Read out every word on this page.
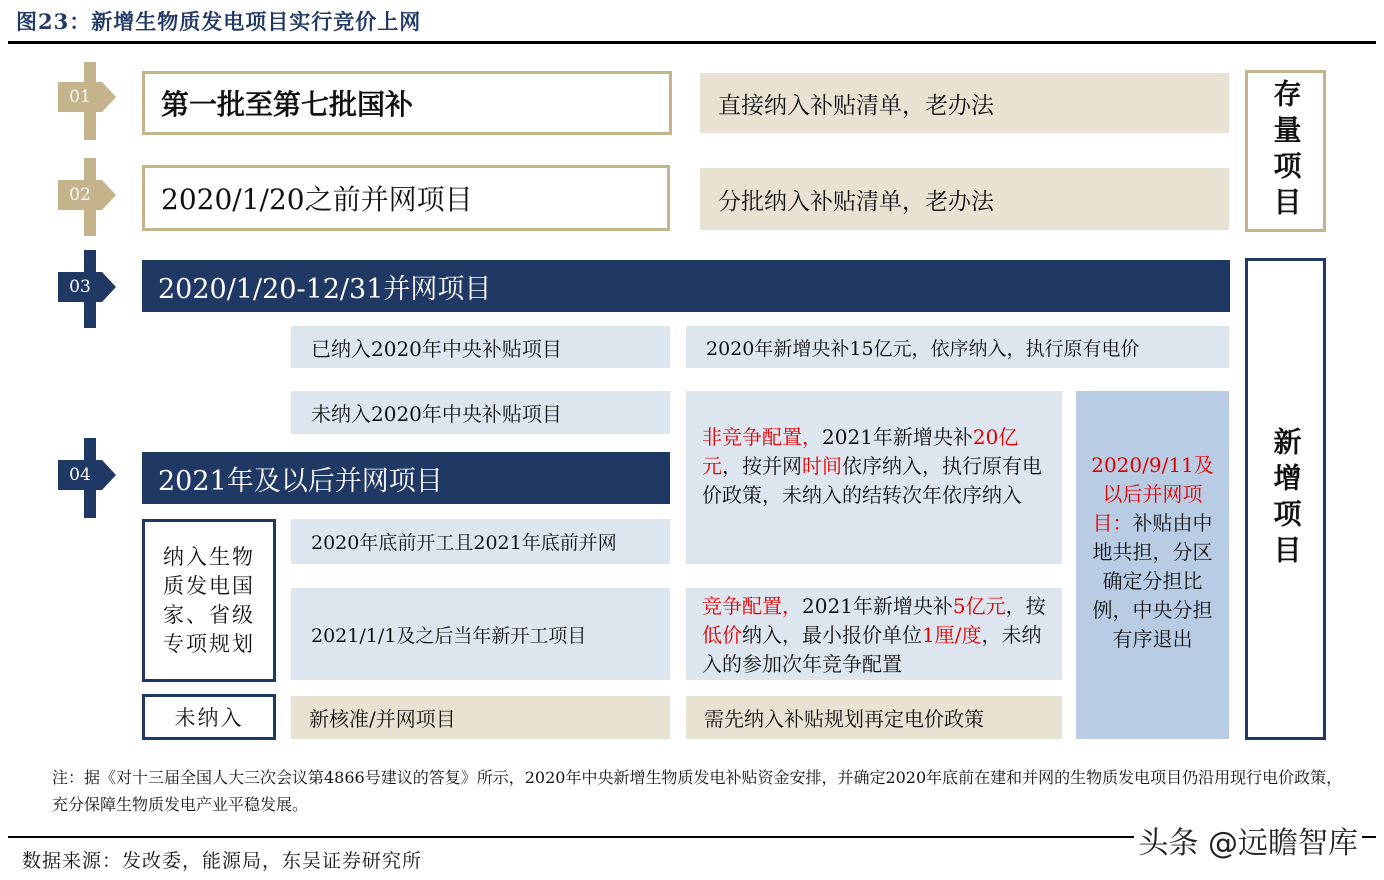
图23：新增生物质发电项目实行竞价上网
01
02
03
04
第一批至第七批国补	直接纳入补贴清单，老办法
2020/1/20之前并网项目	分批纳入补贴清单，老办法	存量项目
2020/1/20-12/31并网项目
已纳入2020年中央补贴项目	2020年新增央补15亿元，依序纳入，执行原有电价
未纳入2020年中央补贴项目
2021年及以后并网项目
纳入生物质发电国家、省级专项规划
未纳入
2020年底前开工且2021年底前并网
2021/1/1及之后当年新开工项目
新核准/并网项目
非竞争配置，2021年新增央补20亿元，按并网时间依序纳入，执行原有电价政策，未纳入的结转次年依序纳入
竞争配置，2021年新增央补5亿元，按低价纳入，最小报价单位1厘/度，未纳入的参加次年竞争配置
需先纳入补贴规划再定电价政策
2020/9/11及以后并网项目：补贴由中地共担，分区确定分担比例，中央分担有序退出
新增项目
注：据《对十三届全国人大三次会议第4866号建议的答复》所示，2020年中央新增生物质发电补贴资金安排，并确定2020年底前在建和并网的生物质发电项目仍沿用现行电价政策，充分保障生物质发电产业平稳发展。
头条 @远瞻智库
数据来源：发改委，能源局，东吴证券研究所
